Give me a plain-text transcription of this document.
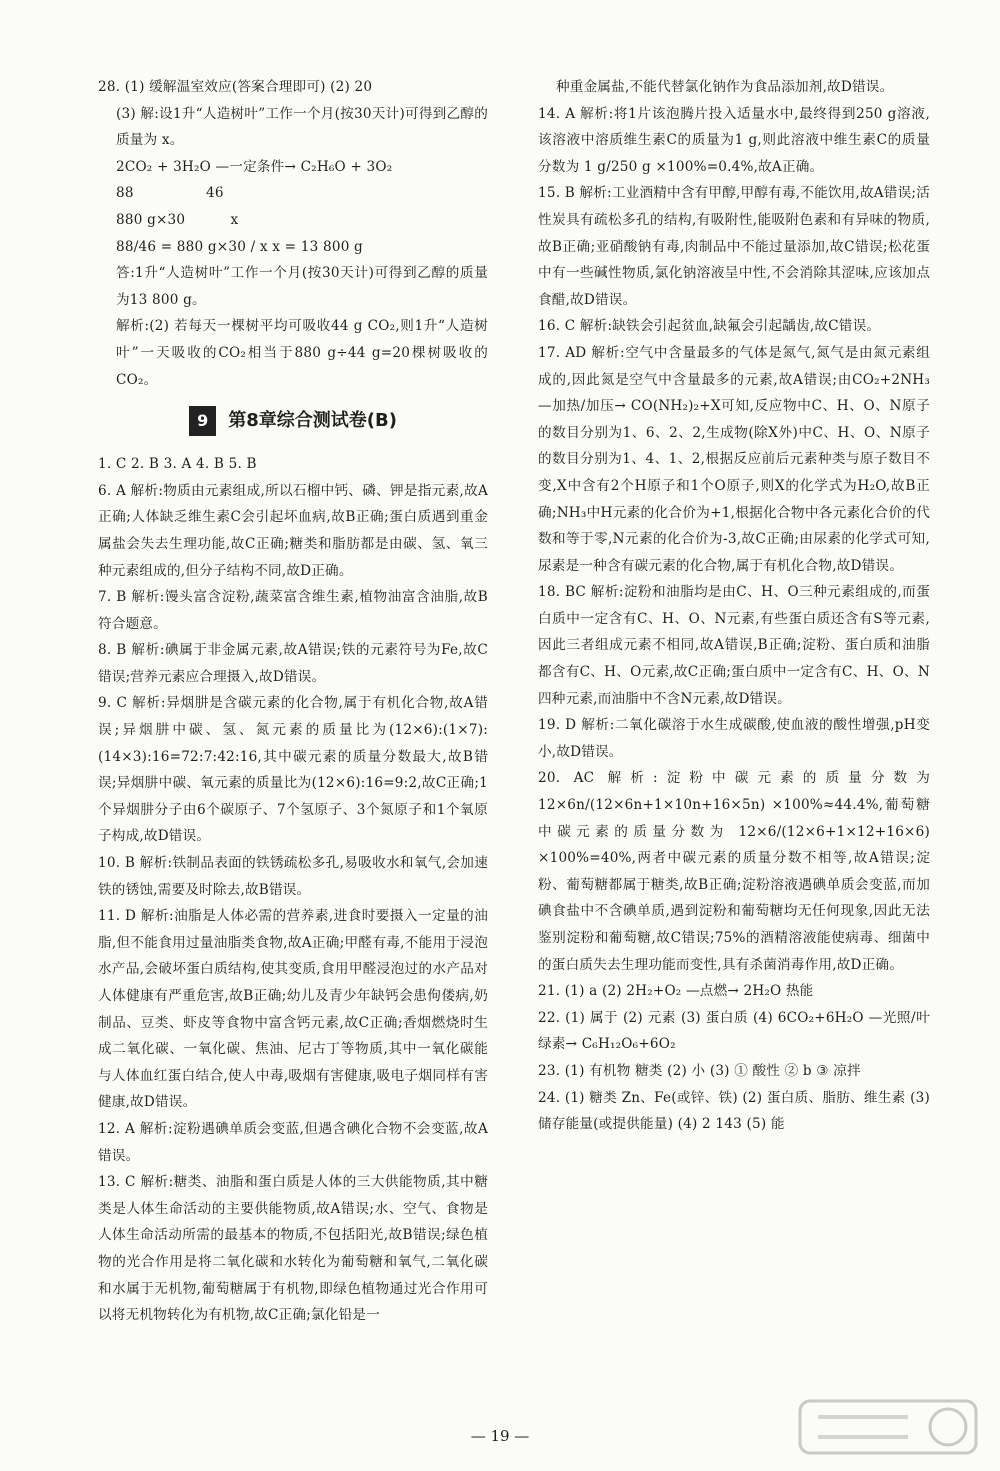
28. (1) 缓解温室效应(答案合理即可) (2) 20

(3) 解:设1升“人造树叶”工作一个月(按30天计)可得到乙醇的质量为 x。

2CO₂ + 3H₂O —一定条件→ C₂H₆O + 3O₂

88                46

880 g×30          x

88/46 = 880 g×30 / x x = 13 800 g

答:1升“人造树叶”工作一个月(按30天计)可得到乙醇的质量为13 800 g。

解析:(2) 若每天一棵树平均可吸收44 g CO₂,则1升“人造树叶”一天吸收的CO₂相当于880 g÷44 g=20棵树吸收的CO₂。

9	第8章综合测试卷(B)

1. C 2. B 3. A 4. B 5. B

6. A 解析:物质由元素组成,所以石榴中钙、磷、钾是指元素,故A正确;人体缺乏维生素C会引起坏血病,故B正确;蛋白质遇到重金属盐会失去生理功能,故C正确;糖类和脂肪都是由碳、氢、氧三种元素组成的,但分子结构不同,故D正确。

7. B 解析:馒头富含淀粉,蔬菜富含维生素,植物油富含油脂,故B符合题意。

8. B 解析:碘属于非金属元素,故A错误;铁的元素符号为Fe,故C错误;营养元素应合理摄入,故D错误。

9. C 解析:异烟肼是含碳元素的化合物,属于有机化合物,故A错误;异烟肼中碳、氢、氮元素的质量比为(12×6):(1×7):(14×3):16=72:7:42:16,其中碳元素的质量分数最大,故B错误;异烟肼中碳、氧元素的质量比为(12×6):16=9:2,故C正确;1个异烟肼分子由6个碳原子、7个氢原子、3个氮原子和1个氧原子构成,故D错误。

10. B 解析:铁制品表面的铁锈疏松多孔,易吸收水和氧气,会加速铁的锈蚀,需要及时除去,故B错误。

11. D 解析:油脂是人体必需的营养素,进食时要摄入一定量的油脂,但不能食用过量油脂类食物,故A正确;甲醛有毒,不能用于浸泡水产品,会破坏蛋白质结构,使其变质,食用甲醛浸泡过的水产品对人体健康有严重危害,故B正确;幼儿及青少年缺钙会患佝偻病,奶制品、豆类、虾皮等食物中富含钙元素,故C正确;香烟燃烧时生成二氧化碳、一氧化碳、焦油、尼古丁等物质,其中一氧化碳能与人体血红蛋白结合,使人中毒,吸烟有害健康,吸电子烟同样有害健康,故D错误。

12. A 解析:淀粉遇碘单质会变蓝,但遇含碘化合物不会变蓝,故A错误。

13. C 解析:糖类、油脂和蛋白质是人体的三大供能物质,其中糖类是人体生命活动的主要供能物质,故A错误;水、空气、食物是人体生命活动所需的最基本的物质,不包括阳光,故B错误;绿色植物的光合作用是将二氧化碳和水转化为葡萄糖和氧气,二氧化碳和水属于无机物,葡萄糖属于有机物,即绿色植物通过光合作用可以将无机物转化为有机物,故C正确;氯化铅是一

种重金属盐,不能代替氯化钠作为食品添加剂,故D错误。

14. A 解析:将1片该泡腾片投入适量水中,最终得到250 g溶液,该溶液中溶质维生素C的质量为1 g,则此溶液中维生素C的质量分数为 1 g/250 g ×100%=0.4%,故A正确。

15. B 解析:工业酒精中含有甲醇,甲醇有毒,不能饮用,故A错误;活性炭具有疏松多孔的结构,有吸附性,能吸附色素和有异味的物质,故B正确;亚硝酸钠有毒,肉制品中不能过量添加,故C错误;松花蛋中有一些碱性物质,氯化钠溶液呈中性,不会消除其涩味,应该加点食醋,故D错误。

16. C 解析:缺铁会引起贫血,缺氟会引起龋齿,故C错误。

17. AD 解析:空气中含量最多的气体是氮气,氮气是由氮元素组成的,因此氮是空气中含量最多的元素,故A错误;由CO₂+2NH₃ —加热/加压→ CO(NH₂)₂+X可知,反应物中C、H、O、N原子的数目分别为1、6、2、2,生成物(除X外)中C、H、O、N原子的数目分别为1、4、1、2,根据反应前后元素种类与原子数目不变,X中含有2个H原子和1个O原子,则X的化学式为H₂O,故B正确;NH₃中H元素的化合价为+1,根据化合物中各元素化合价的代数和等于零,N元素的化合价为-3,故C正确;由尿素的化学式可知,尿素是一种含有碳元素的化合物,属于有机化合物,故D错误。

18. BC 解析:淀粉和油脂均是由C、H、O三种元素组成的,而蛋白质中一定含有C、H、O、N元素,有些蛋白质还含有S等元素,因此三者组成元素不相同,故A错误,B正确;淀粉、蛋白质和油脂都含有C、H、O元素,故C正确;蛋白质中一定含有C、H、O、N四种元素,而油脂中不含N元素,故D错误。

19. D 解析:二氧化碳溶于水生成碳酸,使血液的酸性增强,pH变小,故D错误。

20. AC 解析:淀粉中碳元素的质量分数为 12×6n/(12×6n+1×10n+16×5n) ×100%≈44.4%,葡萄糖中碳元素的质量分数为 12×6/(12×6+1×12+16×6) ×100%=40%,两者中碳元素的质量分数不相等,故A错误;淀粉、葡萄糖都属于糖类,故B正确;淀粉溶液遇碘单质会变蓝,而加碘食盐中不含碘单质,遇到淀粉和葡萄糖均无任何现象,因此无法鉴别淀粉和葡萄糖,故C错误;75%的酒精溶液能使病毒、细菌中的蛋白质失去生理功能而变性,具有杀菌消毒作用,故D正确。

21. (1) a (2) 2H₂+O₂ —点燃→ 2H₂O 热能

22. (1) 属于 (2) 元素 (3) 蛋白质 (4) 6CO₂+6H₂O —光照/叶绿素→ C₆H₁₂O₆+6O₂

23. (1) 有机物 糖类 (2) 小 (3) ① 酸性 ② b ③ 凉拌

24. (1) 糖类 Zn、Fe(或锌、铁) (2) 蛋白质、脂肪、维生素 (3) 储存能量(或提供能量) (4) 2 143 (5) 能

— 19 —
